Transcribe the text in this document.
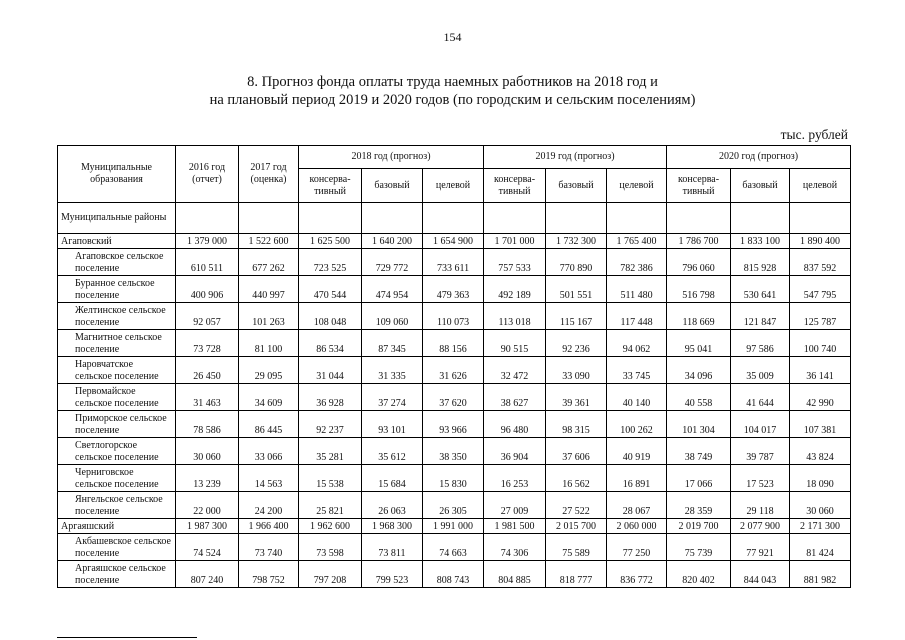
154
8. Прогноз фонда оплаты труда наемных работников на 2018 год и
на плановый период 2019 и 2020 годов (по городским и сельским поселениям)
тыс. рублей
Муниципальные образования	2016 год (отчет)	2017 год (оценка)	2018 год (прогноз)			2019 год (прогноз)			2020 год (прогноз)		
			консерва-тивный	базовый	целевой	консерва-тивный	базовый	целевой	консерва-тивный	базовый	целевой
Муниципальные районы											
Агаповский	1 379 000	1 522 600	1 625 500	1 640 200	1 654 900	1 701 000	1 732 300	1 765 400	1 786 700	1 833 100	1 890 400

Агаповское сельское поселение	610 511	677 262	723 525	729 772	733 611	757 533	770 890	782 386	796 060	815 928	837 592

Буранное сельское поселение	400 906	440 997	470 544	474 954	479 363	492 189	501 551	511 480	516 798	530 641	547 795

Желтинское сельское поселение	92 057	101 263	108 048	109 060	110 073	113 018	115 167	117 448	118 669	121 847	125 787

Магнитное сельское поселение	73 728	81 100	86 534	87 345	88 156	90 515	92 236	94 062	95 041	97 586	100 740

Наровчатское сельское поселение	26 450	29 095	31 044	31 335	31 626	32 472	33 090	33 745	34 096	35 009	36 141

Первомайское сельское поселение	31 463	34 609	36 928	37 274	37 620	38 627	39 361	40 140	40 558	41 644	42 990

Приморское сельское поселение	78 586	86 445	92 237	93 101	93 966	96 480	98 315	100 262	101 304	104 017	107 381

Светлогорское сельское поселение	30 060	33 066	35 281	35 612	38 350	36 904	37 606	40 919	38 749	39 787	43 824

Черниговское сельское поселение	13 239	14 563	15 538	15 684	15 830	16 253	16 562	16 891	17 066	17 523	18 090

Янгельское сельское поселение	22 000	24 200	25 821	26 063	26 305	27 009	27 522	28 067	28 359	29 118	30 060
Аргаяшский	1 987 300	1 966 400	1 962 600	1 968 300	1 991 000	1 981 500	2 015 700	2 060 000	2 019 700	2 077 900	2 171 300

Акбашевское сельское поселение	74 524	73 740	73 598	73 811	74 663	74 306	75 589	77 250	75 739	77 921	81 424

Аргаяшское сельское поселение	807 240	798 752	797 208	799 523	808 743	804 885	818 777	836 772	820 402	844 043	881 982
